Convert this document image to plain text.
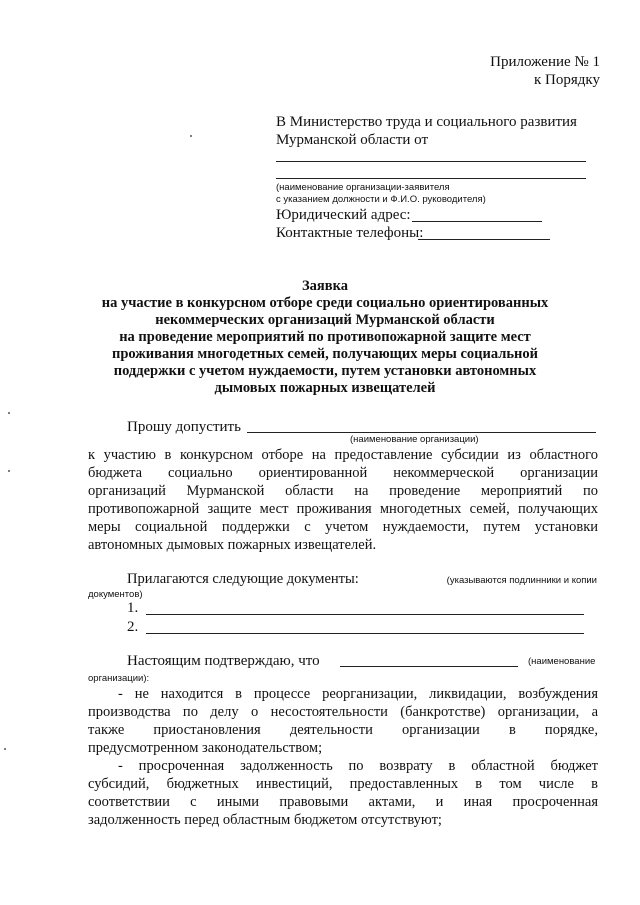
Приложение № 1
к Порядку
В Министерство труда и социального развития
Мурманской области от
(наименование организации-заявителя
с указанием должности и Ф.И.О. руководителя)
Юридический адрес:
Контактные телефоны:
Заявка
на участие в конкурсном отборе среди социально ориентированных
некоммерческих организаций Мурманской области
на проведение мероприятий по противопожарной защите мест
проживания многодетных семей, получающих меры социальной
поддержки с учетом нуждаемости, путем установки автономных
дымовых пожарных извещателей
Прошу допустить
(наименование организации)
к участию в конкурсном отборе на предоставление субсидии из областного
бюджета социально ориентированной некоммерческой организации
организаций Мурманской области на проведение мероприятий по
противопожарной защите мест проживания многодетных семей, получающих
меры социальной поддержки с учетом нуждаемости, путем установки
автономных дымовых пожарных извещателей.
Прилагаются следующие документы:	(указываются подлинники и копии
документов)
1.
2.
Настоящим подтверждаю, что	(наименование
организации):
- не находится в процессе реорганизации, ликвидации, возбуждения
производства по делу о несостоятельности (банкротстве) организации, а
также приостановления деятельности организации в порядке,
предусмотренном законодательством;
- просроченная задолженность по возврату в областной бюджет
субсидий, бюджетных инвестиций, предоставленных в том числе в
соответствии с иными правовыми актами, и иная просроченная
задолженность перед областным бюджетом отсутствуют;
